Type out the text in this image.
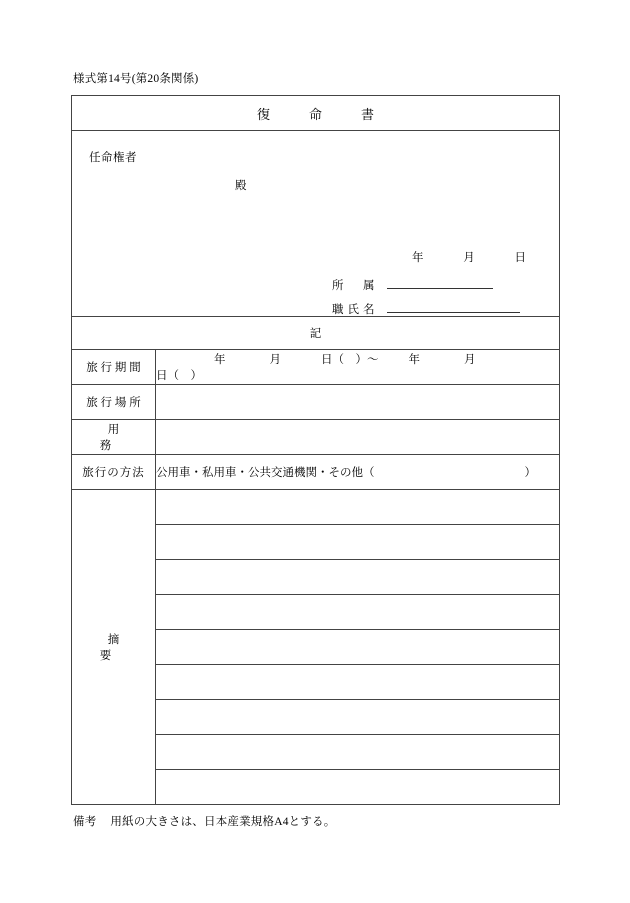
様式第14号(第20条関係)
復　命　書	

任命権者
殿
年 月 日
所　属
職氏名	

記	
旅 行 期 間	年 月 日（　）～ 年 月日（　）
旅 行 場 所	
用　　務	
旅行の方法	公用車・私用車・公共交通機関・その他（ ）
摘　　要	

備考 用紙の大きさは、日本産業規格A4とする。
